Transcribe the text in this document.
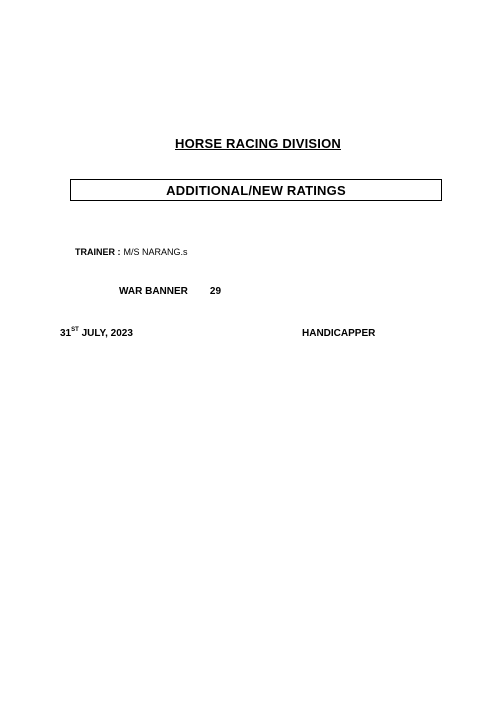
HORSE RACING DIVISION
ADDITIONAL/NEW RATINGS
TRAINER : M/S NARANG.s
WAR BANNER 29
31ST JULY, 2023	HANDICAPPER
